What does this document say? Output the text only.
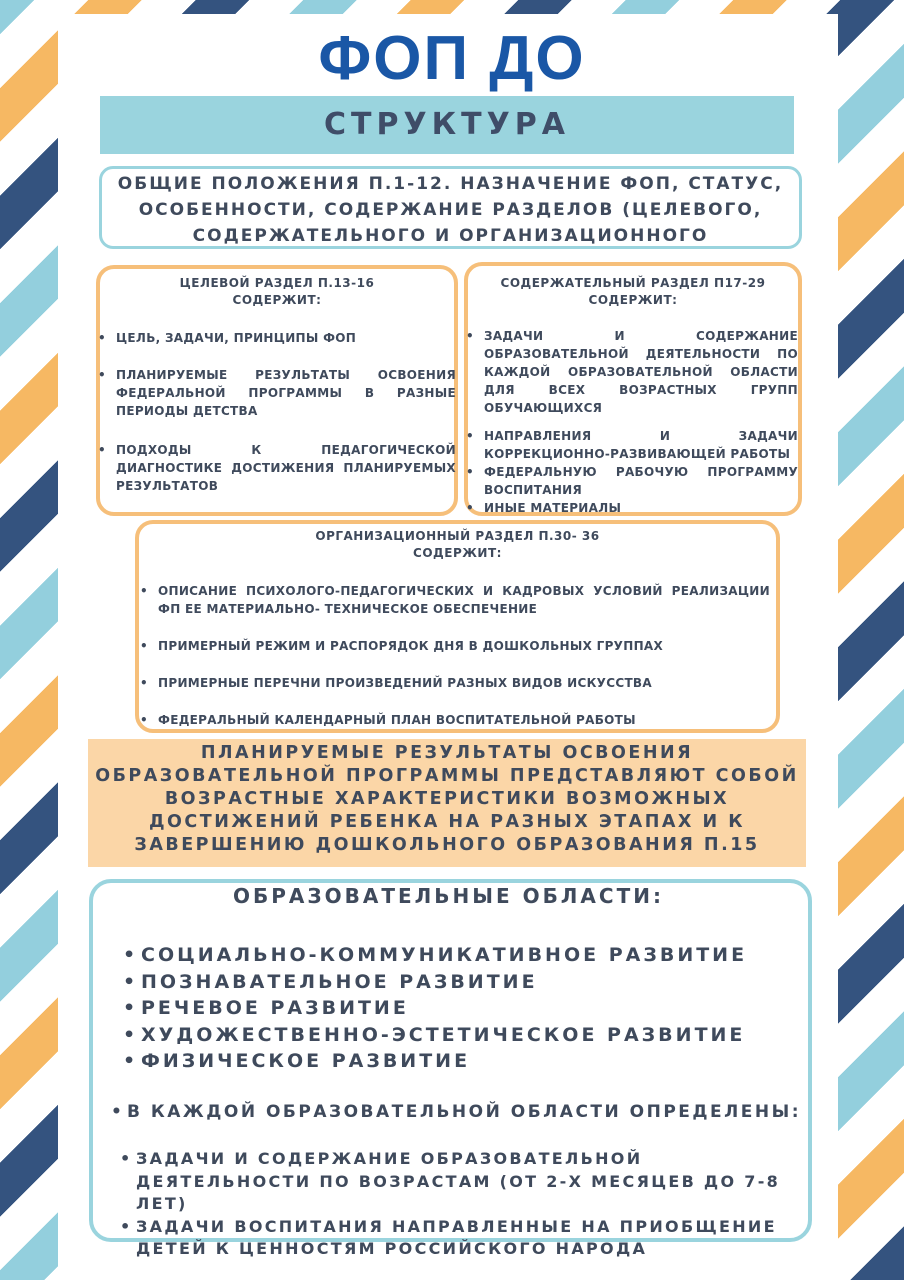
ФОП ДО
СТРУКТУРА
ОБЩИЕ ПОЛОЖЕНИЯ П.1-12. НАЗНАЧЕНИЕ ФОП, СТАТУС, ОСОБЕННОСТИ, СОДЕРЖАНИЕ РАЗДЕЛОВ (ЦЕЛЕВОГО, СОДЕРЖАТЕЛЬНОГО И ОРГАНИЗАЦИОННОГО
ЦЕЛЕВОЙ РАЗДЕЛ П.13-16
СОДЕРЖИТ:
• ЦЕЛЬ, ЗАДАЧИ, ПРИНЦИПЫ ФОП
• ПЛАНИРУЕМЫЕ РЕЗУЛЬТАТЫ ОСВОЕНИЯ ФЕДЕРАЛЬНОЙ ПРОГРАММЫ В РАЗНЫЕ ПЕРИОДЫ ДЕТСТВА
• ПОДХОДЫ К ПЕДАГОГИЧЕСКОЙ ДИАГНОСТИКЕ ДОСТИЖЕНИЯ ПЛАНИРУЕМЫХ РЕЗУЛЬТАТОВ
СОДЕРЖАТЕЛЬНЫЙ РАЗДЕЛ П17-29
СОДЕРЖИТ:
• ЗАДАЧИ И СОДЕРЖАНИЕ ОБРАЗОВАТЕЛЬНОЙ ДЕЯТЕЛЬНОСТИ ПО КАЖДОЙ ОБРАЗОВАТЕЛЬНОЙ ОБЛАСТИ ДЛЯ ВСЕХ ВОЗРАСТНЫХ ГРУПП ОБУЧАЮЩИХСЯ
• НАПРАВЛЕНИЯ И ЗАДАЧИ КОРРЕКЦИОННО-РАЗВИВАЮЩЕЙ РАБОТЫ
• ФЕДЕРАЛЬНУЮ РАБОЧУЮ ПРОГРАММУ ВОСПИТАНИЯ
• ИНЫЕ МАТЕРИАЛЫ
ОРГАНИЗАЦИОННЫЙ РАЗДЕЛ П.30- 36
СОДЕРЖИТ:
• ОПИСАНИЕ ПСИХОЛОГО-ПЕДАГОГИЧЕСКИХ И КАДРОВЫХ УСЛОВИЙ РЕАЛИЗАЦИИ ФП ЕЕ МАТЕРИАЛЬНО- ТЕХНИЧЕСКОЕ ОБЕСПЕЧЕНИЕ
• ПРИМЕРНЫЙ РЕЖИМ И РАСПОРЯДОК ДНЯ В ДОШКОЛЬНЫХ ГРУППАХ
• ПРИМЕРНЫЕ ПЕРЕЧНИ ПРОИЗВЕДЕНИЙ РАЗНЫХ ВИДОВ ИСКУССТВА
• ФЕДЕРАЛЬНЫЙ КАЛЕНДАРНЫЙ ПЛАН ВОСПИТАТЕЛЬНОЙ РАБОТЫ
ПЛАНИРУЕМЫЕ РЕЗУЛЬТАТЫ ОСВОЕНИЯ ОБРАЗОВАТЕЛЬНОЙ ПРОГРАММЫ ПРЕДСТАВЛЯЮТ СОБОЙ ВОЗРАСТНЫЕ ХАРАКТЕРИСТИКИ ВОЗМОЖНЫХ ДОСТИЖЕНИЙ РЕБЕНКА НА РАЗНЫХ ЭТАПАХ И К ЗАВЕРШЕНИЮ ДОШКОЛЬНОГО ОБРАЗОВАНИЯ П.15
ОБРАЗОВАТЕЛЬНЫЕ ОБЛАСТИ:
• СОЦИАЛЬНО-КОММУНИКАТИВНОЕ РАЗВИТИЕ
• ПОЗНАВАТЕЛЬНОЕ РАЗВИТИЕ
• РЕЧЕВОЕ РАЗВИТИЕ
• ХУДОЖЕСТВЕННО-ЭСТЕТИЧЕСКОЕ РАЗВИТИЕ
• ФИЗИЧЕСКОЕ РАЗВИТИЕ
• В КАЖДОЙ ОБРАЗОВАТЕЛЬНОЙ ОБЛАСТИ ОПРЕДЕЛЕНЫ:
• ЗАДАЧИ И СОДЕРЖАНИЕ ОБРАЗОВАТЕЛЬНОЙ ДЕЯТЕЛЬНОСТИ ПО ВОЗРАСТАМ (ОТ 2-Х МЕСЯЦЕВ ДО 7-8 ЛЕТ)
• ЗАДАЧИ ВОСПИТАНИЯ НАПРАВЛЕННЫЕ НА ПРИОБЩЕНИЕ ДЕТЕЙ К ЦЕННОСТЯМ РОССИЙСКОГО НАРОДА
